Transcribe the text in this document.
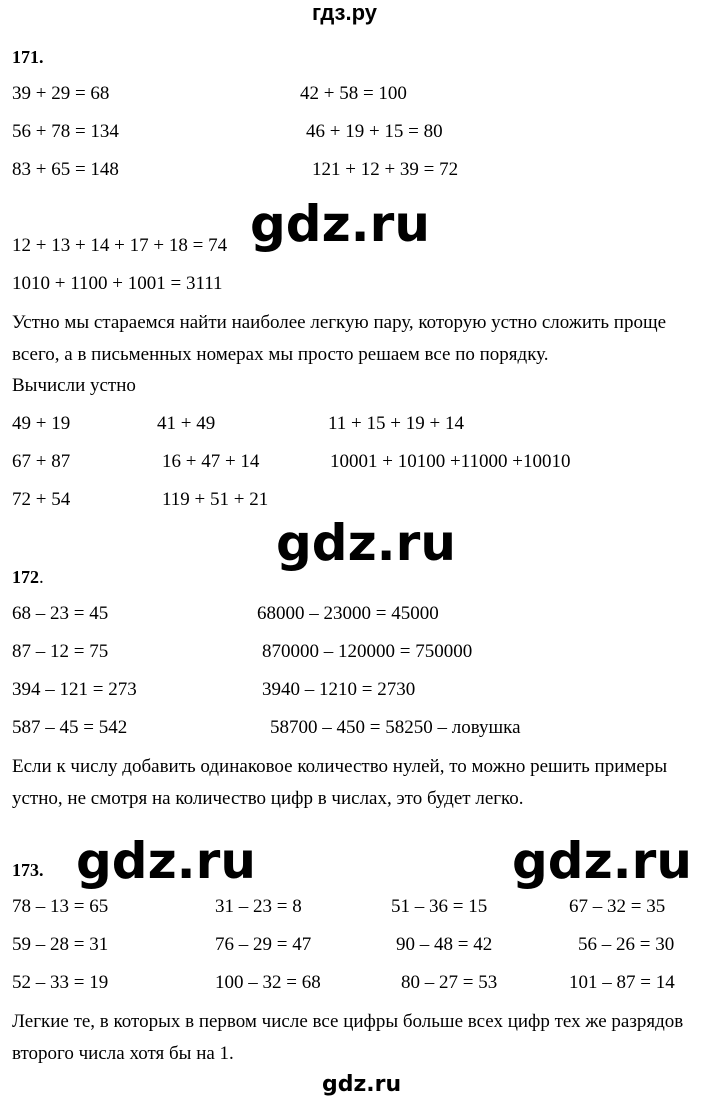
гдз.ру
171.
39 + 29 = 68	42 + 58 = 100
56 + 78 = 134	46 + 19 + 15 = 80
83 + 65 = 148	121 + 12 + 39 = 72
gdz.ru
12 + 13 + 14 + 17 + 18 = 74
1010 + 1100 + 1001 = 3111
Устно мы стараемся найти наиболее легкую пару, которую устно сложить проще всего, а в письменных номерах мы просто решаем все по порядку.
Вычисли устно
49 + 19	41 + 49	11 + 15 + 19 + 14
67 + 87	16 + 47 + 14	10001 + 10100 +11000 +10010
72 + 54	119 + 51 + 21
gdz.ru
172.
68 – 23 = 45	68000 – 23000 = 45000
87 – 12 = 75	870000 – 120000 = 750000
394 – 121 = 273	3940 – 1210 = 2730
587 – 45 = 542	58700 – 450 = 58250 – ловушка
Если к числу добавить одинаковое количество нулей, то можно решить примеры устно, не смотря на количество цифр в числах, это будет легко.
173. gdz.ru	gdz.ru
78 – 13 = 65	31 – 23 = 8	51 – 36 = 15	67 – 32 = 35
59 – 28 = 31	76 – 29 = 47	90 – 48 = 42	56 – 26 = 30
52 – 33 = 19	100 – 32 = 68	80 – 27 = 53	101 – 87 = 14
Легкие те, в которых в первом числе все цифры больше всех цифр тех же разрядов второго числа хотя бы на 1.
gdz.ru
